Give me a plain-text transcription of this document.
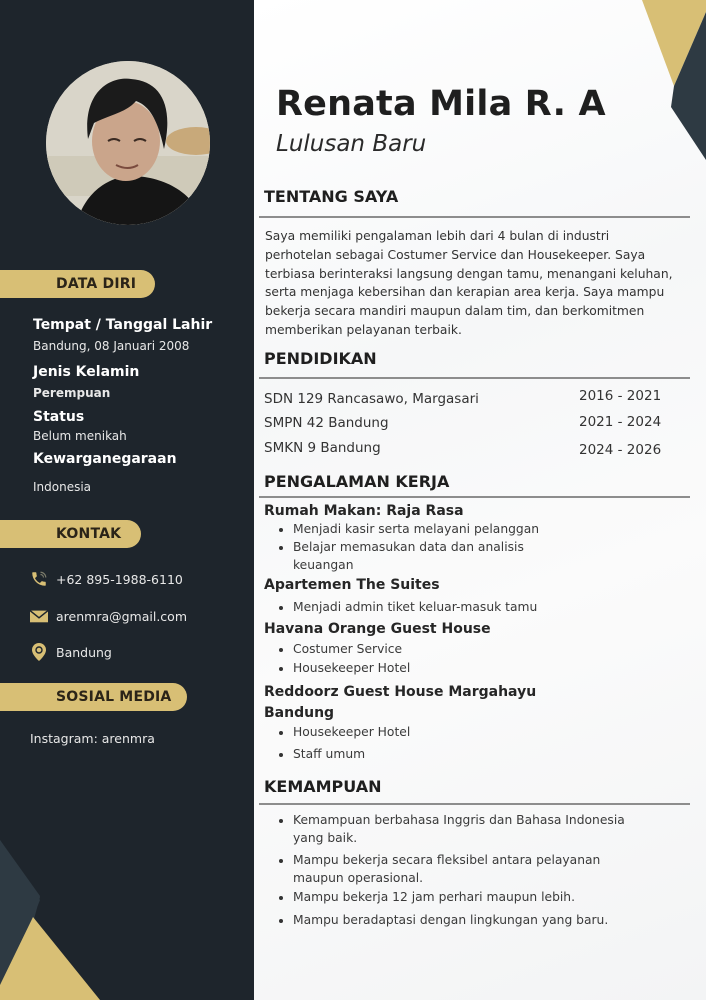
DATA DIRI
Tempat / Tanggal Lahir
Bandung, 08 Januari 2008
Jenis Kelamin
Perempuan
Status
Belum menikah
Kewarganegaraan
Indonesia
KONTAK
+62 895-1988-6110
arenmra@gmail.com
Bandung
SOSIAL MEDIA
Instagram: arenmra
Renata Mila R. A
Lulusan Baru
TENTANG SAYA
Saya memiliki pengalaman lebih dari 4 bulan di industri perhotelan sebagai Costumer Service dan Housekeeper. Saya terbiasa berinteraksi langsung dengan tamu, menangani keluhan, serta menjaga kebersihan dan kerapian area kerja. Saya mampu bekerja secara mandiri maupun dalam tim, dan berkomitmen memberikan pelayanan terbaik.
PENDIDIKAN
SDN 129 Rancasawo, Margasari	2016 - 2021
SMPN 42 Bandung	2021 - 2024
SMKN 9 Bandung	2024 - 2026
PENGALAMAN KERJA
Rumah Makan: Raja Rasa
Menjadi kasir serta melayani pelanggan
Belajar memasukan data dan analisis keuangan
Apartemen The Suites
Menjadi admin tiket keluar-masuk tamu
Havana Orange Guest House
Costumer Service
Housekeeper Hotel
Reddoorz Guest House Margahayu
Bandung
Housekeeper Hotel
Staff umum
KEMAMPUAN
Kemampuan berbahasa Inggris dan Bahasa Indonesia yang baik.
Mampu bekerja secara fleksibel antara pelayanan maupun operasional.
Mampu bekerja 12 jam perhari maupun lebih.
Mampu beradaptasi dengan lingkungan yang baru.
